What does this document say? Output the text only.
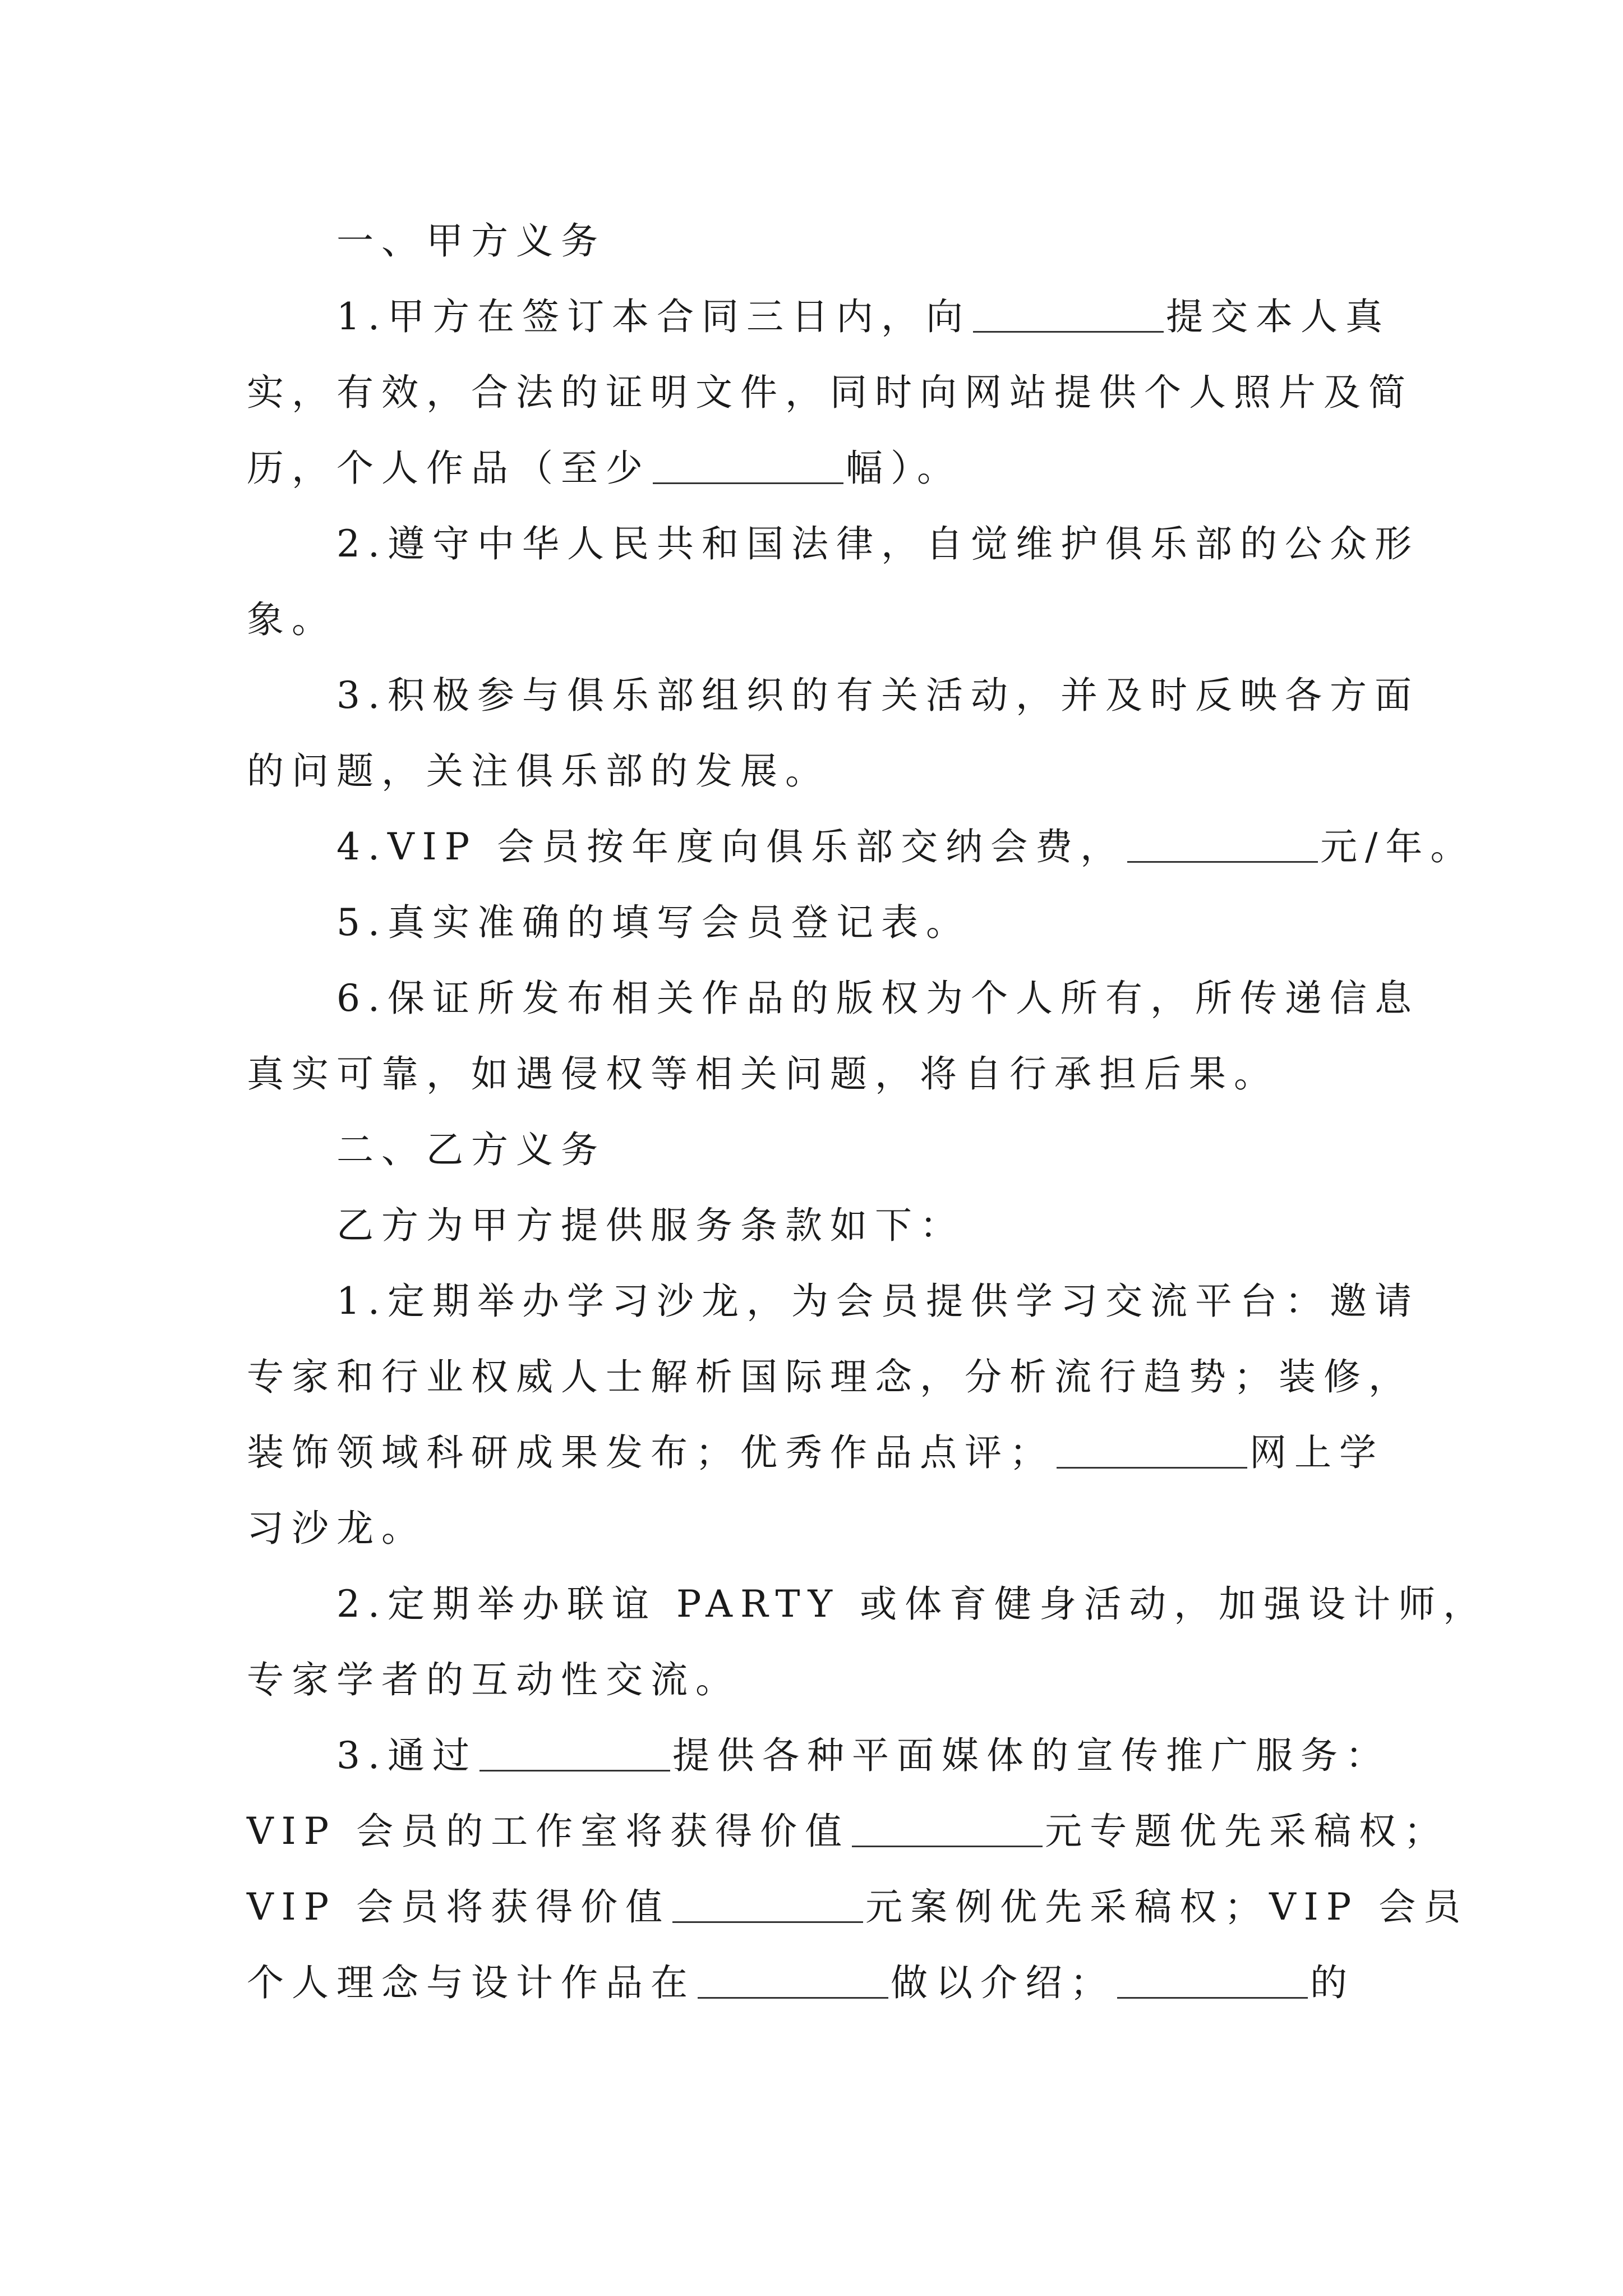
一、甲方义务
1.甲方在签订本合同三日内，向	提交本人真
实，有效，合法的证明文件，同时向网站提供个人照片及简
历，个人作品（至少	幅）。
2.遵守中华人民共和国法律，自觉维护俱乐部的公众形
象。
3.积极参与俱乐部组织的有关活动，并及时反映各方面
的问题，关注俱乐部的发展。
4.VIP 会员按年度向俱乐部交纳会费，	元/年。
5.真实准确的填写会员登记表。
6.保证所发布相关作品的版权为个人所有，所传递信息
真实可靠，如遇侵权等相关问题，将自行承担后果。
二、乙方义务
乙方为甲方提供服务条款如下：
1.定期举办学习沙龙，为会员提供学习交流平台：邀请
专家和行业权威人士解析国际理念，分析流行趋势；装修，
装饰领域科研成果发布；优秀作品点评；	网上学
习沙龙。
2.定期举办联谊 PARTY 或体育健身活动，加强设计师，
专家学者的互动性交流。
3.通过	提供各种平面媒体的宣传推广服务：
VIP 会员的工作室将获得价值	元专题优先采稿权；
VIP 会员将获得价值	元案例优先采稿权；VIP 会员
个人理念与设计作品在	做以介绍；	的
